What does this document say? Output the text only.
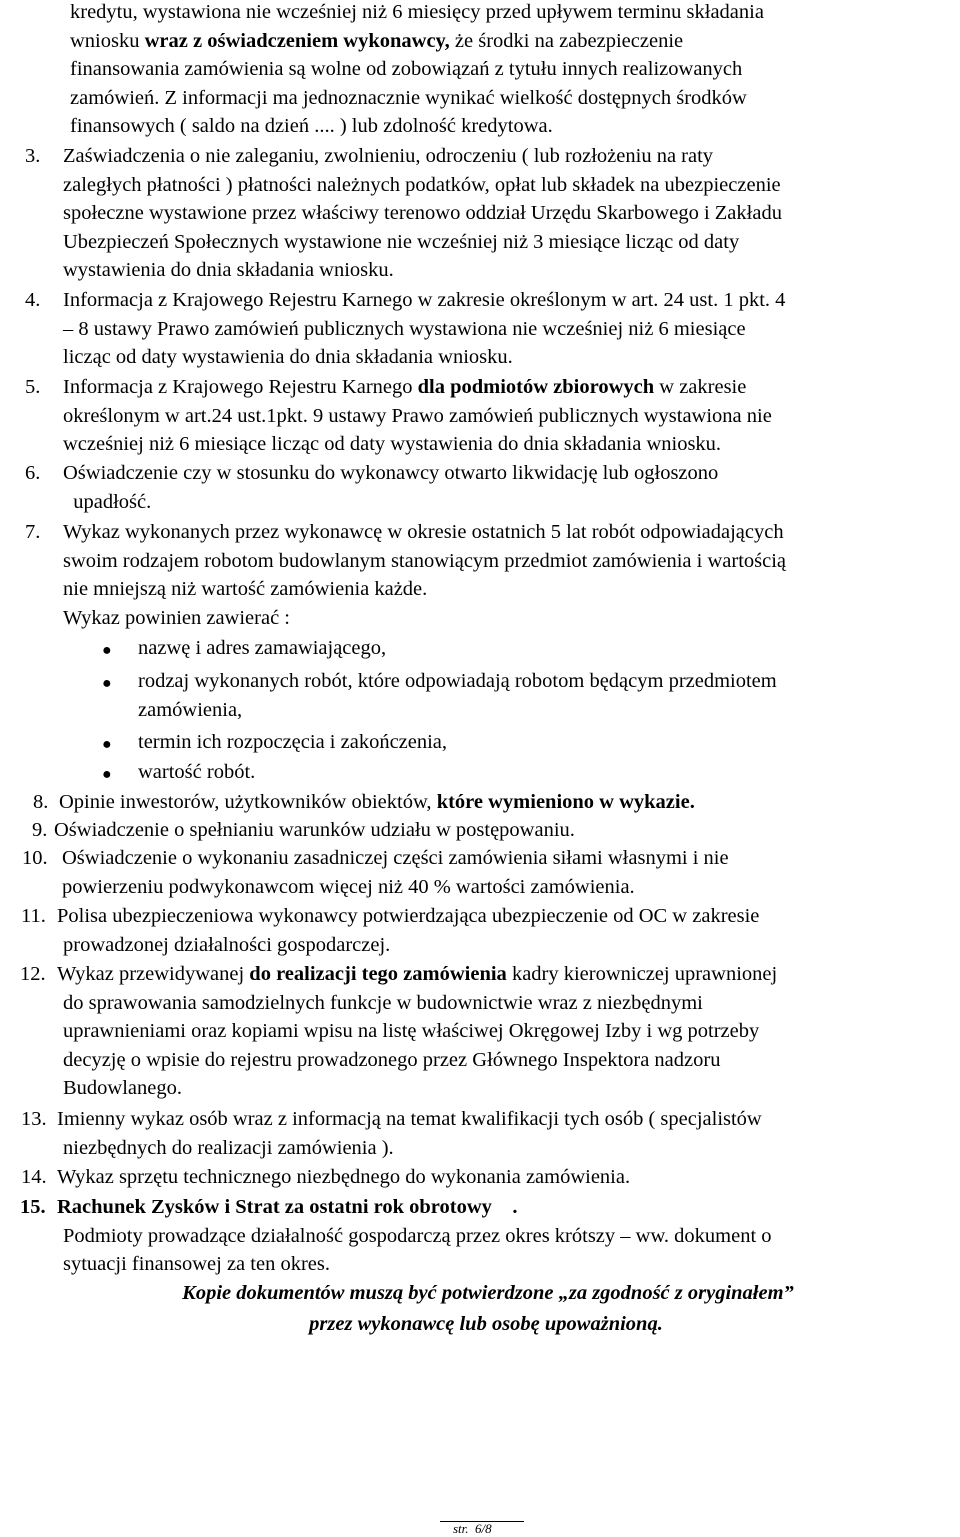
kredytu, wystawiona nie wcześniej niż 6 miesięcy przed upływem terminu składania
wniosku wraz z oświadczeniem wykonawcy, że środki na zabezpieczenie
finansowania zamówienia są wolne od zobowiązań z tytułu innych realizowanych
zamówień. Z informacji ma jednoznacznie wynikać wielkość dostępnych środków
finansowych ( saldo na dzień .... ) lub zdolność kredytowa.
3. Zaświadczenia o nie zaleganiu, zwolnieniu, odroczeniu ( lub rozłożeniu na raty
zaległych płatności ) płatności należnych podatków, opłat lub składek na ubezpieczenie
społeczne wystawione przez właściwy terenowo oddział Urzędu Skarbowego i Zakładu
Ubezpieczeń Społecznych wystawione nie wcześniej niż 3 miesiące licząc od daty
wystawienia do dnia składania wniosku.
4. Informacja z Krajowego Rejestru Karnego w zakresie określonym w art. 24 ust. 1 pkt. 4
– 8 ustawy Prawo zamówień publicznych wystawiona nie wcześniej niż 6 miesiące
licząc od daty wystawienia do dnia składania wniosku.
5. Informacja z Krajowego Rejestru Karnego dla podmiotów zbiorowych w zakresie
określonym w art.24 ust.1pkt. 9 ustawy Prawo zamówień publicznych wystawiona nie
wcześniej niż 6 miesiące licząc od daty wystawienia do dnia składania wniosku.
6. Oświadczenie czy w stosunku do wykonawcy otwarto likwidację lub ogłoszono
upadłość.
7. Wykaz wykonanych przez wykonawcę w okresie ostatnich 5 lat robót odpowiadających
swoim rodzajem robotom budowlanym stanowiącym przedmiot zamówienia i wartością
nie mniejszą niż wartość zamówienia każde.
Wykaz powinien zawierać :
● nazwę i adres zamawiającego,
● rodzaj wykonanych robót, które odpowiadają robotom będącym przedmiotem
zamówienia,
● termin ich rozpoczęcia i zakończenia,
● wartość robót.
8. Opinie inwestorów, użytkowników obiektów, które wymieniono w wykazie.
9. Oświadczenie o spełnianiu warunków udziału w postępowaniu.
10. Oświadczenie o wykonaniu zasadniczej części zamówienia siłami własnymi i nie
powierzeniu podwykonawcom więcej niż 40 % wartości zamówienia.
11. Polisa ubezpieczeniowa wykonawcy potwierdzająca ubezpieczenie od OC w zakresie
prowadzonej działalności gospodarczej.
12. Wykaz przewidywanej do realizacji tego zamówienia kadry kierowniczej uprawnionej
do sprawowania samodzielnych funkcje w budownictwie wraz z niezbędnymi
uprawnieniami oraz kopiami wpisu na listę właściwej Okręgowej Izby i wg potrzeby
decyzję o wpisie do rejestru prowadzonego przez Głównego Inspektora nadzoru
Budowlanego.
13. Imienny wykaz osób wraz z informacją na temat kwalifikacji tych osób ( specjalistów
niezbędnych do realizacji zamówienia ).
14. Wykaz sprzętu technicznego niezbędnego do wykonania zamówienia.
15. Rachunek Zysków i Strat za ostatni rok obrotowy    .
Podmioty prowadzące działalność gospodarczą przez okres krótszy – ww. dokument o
sytuacji finansowej za ten okres.
Kopie dokumentów muszą być potwierdzone „za zgodność z oryginałem”
przez wykonawcę lub osobę upoważnioną.
str.  6/8
